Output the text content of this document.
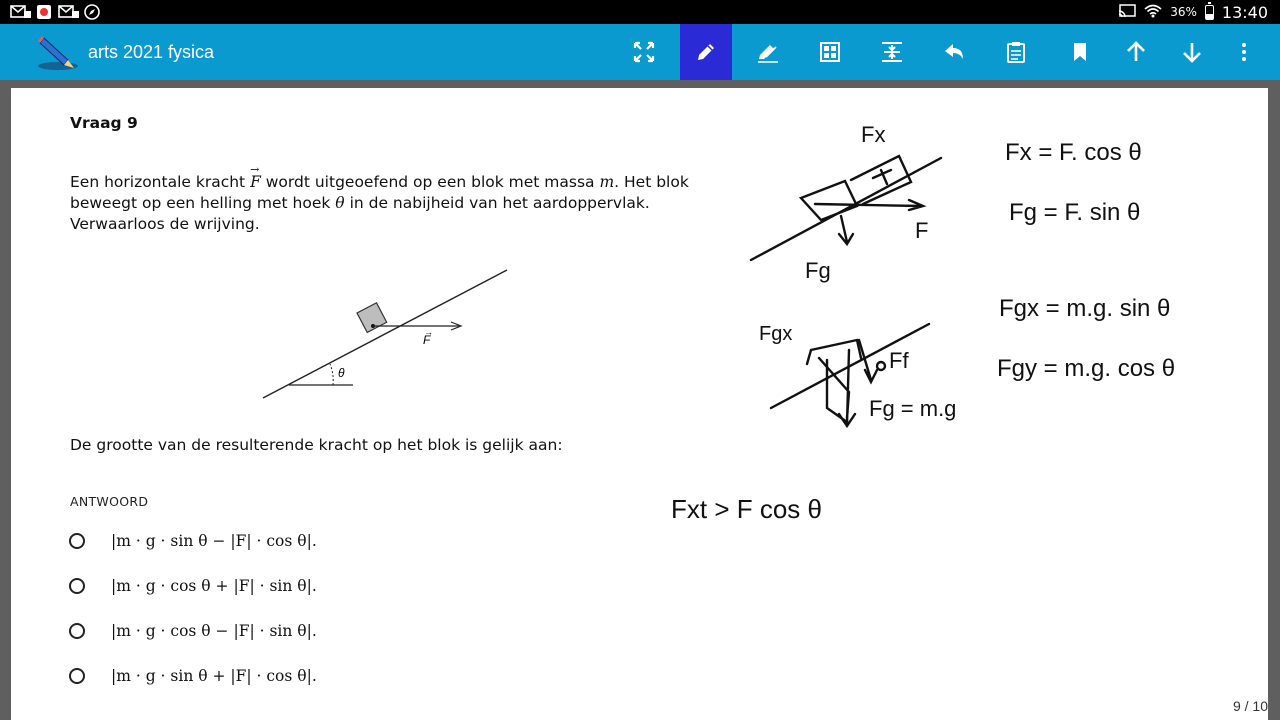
36% 13:40
arts 2021 fysica
Vraag 9
Een horizontale kracht → F wordt uitgeoefend op een blok met massa m. Het blok beweegt op een helling met hoek θ in de nabijheid van het aardoppervlak. Verwaarloos de wrijving.
θ
F
→
De grootte van de resulterende kracht op het blok is gelijk aan:
ANTWOORD
|m · g · sin θ − |F| · cos θ|.
|m · g · cos θ + |F| · sin θ|.
|m · g · cos θ − |F| · sin θ|.
|m · g · sin θ + |F| · cos θ|.
Fx
F
Fg
Fgx
Ff
Fg = m.g
Fx = F. cos θ
Fg = F. sin θ
Fgx = m.g. sin θ
Fgy = m.g. cos θ
Fxt > F cos θ
9 / 10
